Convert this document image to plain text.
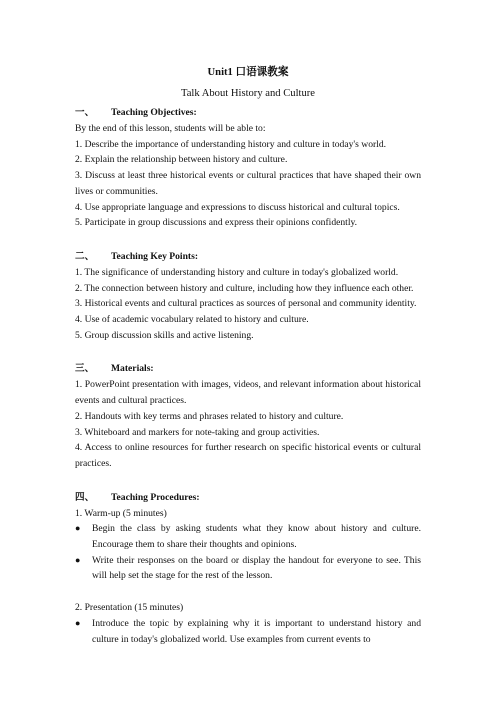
Unit1 口语课教案
Talk About History and Culture
一、	Teaching Objectives:
By the end of this lesson, students will be able to:
1. Describe the importance of understanding history and culture in today's world.
2. Explain the relationship between history and culture.
3. Discuss at least three historical events or cultural practices that have shaped their own lives or communities.
4. Use appropriate language and expressions to discuss historical and cultural topics.
5. Participate in group discussions and express their opinions confidently.
二、	Teaching Key Points:
1. The significance of understanding history and culture in today's globalized world.
2. The connection between history and culture, including how they influence each other.
3. Historical events and cultural practices as sources of personal and community identity.
4. Use of academic vocabulary related to history and culture.
5. Group discussion skills and active listening.
三、	Materials:
1. PowerPoint presentation with images, videos, and relevant information about historical events and cultural practices.
2. Handouts with key terms and phrases related to history and culture.
3. Whiteboard and markers for note-taking and group activities.
4. Access to online resources for further research on specific historical events or cultural practices.
四、	Teaching Procedures:
1. Warm-up (5 minutes)
●	Begin the class by asking students what they know about history and culture. Encourage them to share their thoughts and opinions.
●	Write their responses on the board or display the handout for everyone to see. This will help set the stage for the rest of the lesson.
2. Presentation (15 minutes)
●	Introduce the topic by explaining why it is important to understand history and culture in today's globalized world. Use examples from current events to
